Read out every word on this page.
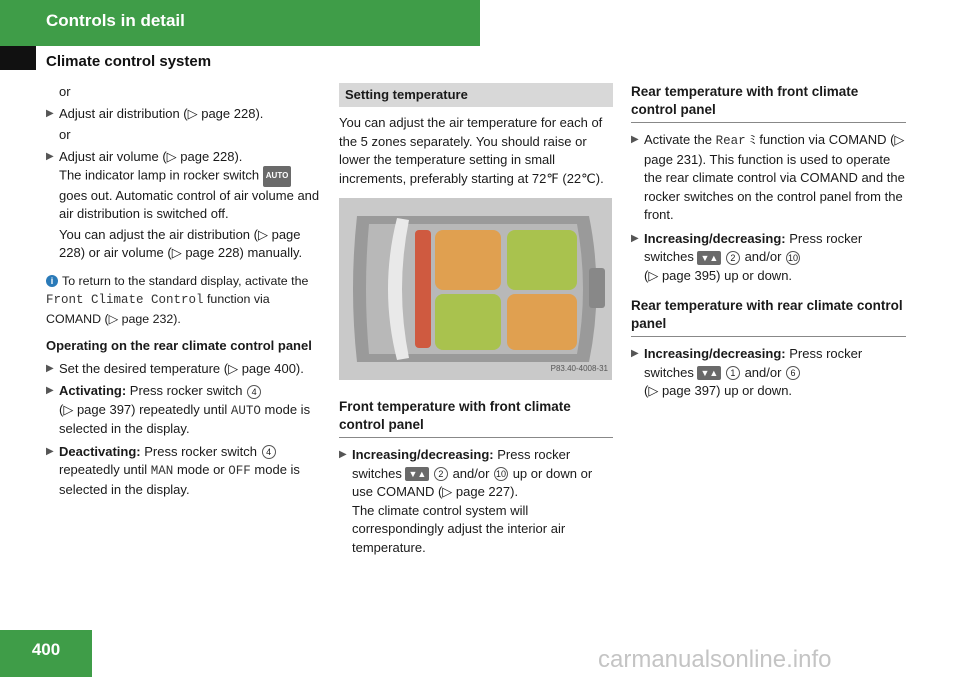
Controls in detail
Climate control system

or

▶ Adjust air distribution (▷ page 228).

or

▶ Adjust air volume (▷ page 228).
The indicator lamp in rocker switch AUTO goes out. Automatic control of air volume and air distribution is switched off.

You can adjust the air distribution (▷ page 228) or air volume (▷ page 228) manually.

i To return to the standard display, activate the Front Climate Control function via COMAND (▷ page 232).

Operating on the rear climate control panel

▶ Set the desired temperature (▷ page 400).

▶ Activating: Press rocker switch 4
(▷ page 397) repeatedly until AUTO mode is selected in the display.

▶ Deactivating: Press rocker switch 4
repeatedly until MAN mode or OFF mode is selected in the display.

Setting temperature

You can adjust the air temperature for each of the 5 zones separately. You should raise or lower the temperature setting in small increments, preferably starting at 72℉ (22℃).

P83.40-4008-31

Front temperature with front climate control panel

▶ Increasing/decreasing: Press rocker switches ▼▲ 2 and/or 10 up or down or use COMAND (▷ page 227).
The climate control system will correspondingly adjust the interior air temperature.

Rear temperature with front climate control panel

▶ Activate the Rear ﾐ function via COMAND (▷ page 231). This function is used to operate the rear climate control via COMAND and the rocker switches on the control panel from the front.

▶ Increasing/decreasing: Press rocker switches ▼▲ 2 and/or 10
(▷ page 395) up or down.

Rear temperature with rear climate control panel

▶ Increasing/decreasing: Press rocker switches ▼▲ 1 and/or 6
(▷ page 397) up or down.

400	carmanualsonline.info
